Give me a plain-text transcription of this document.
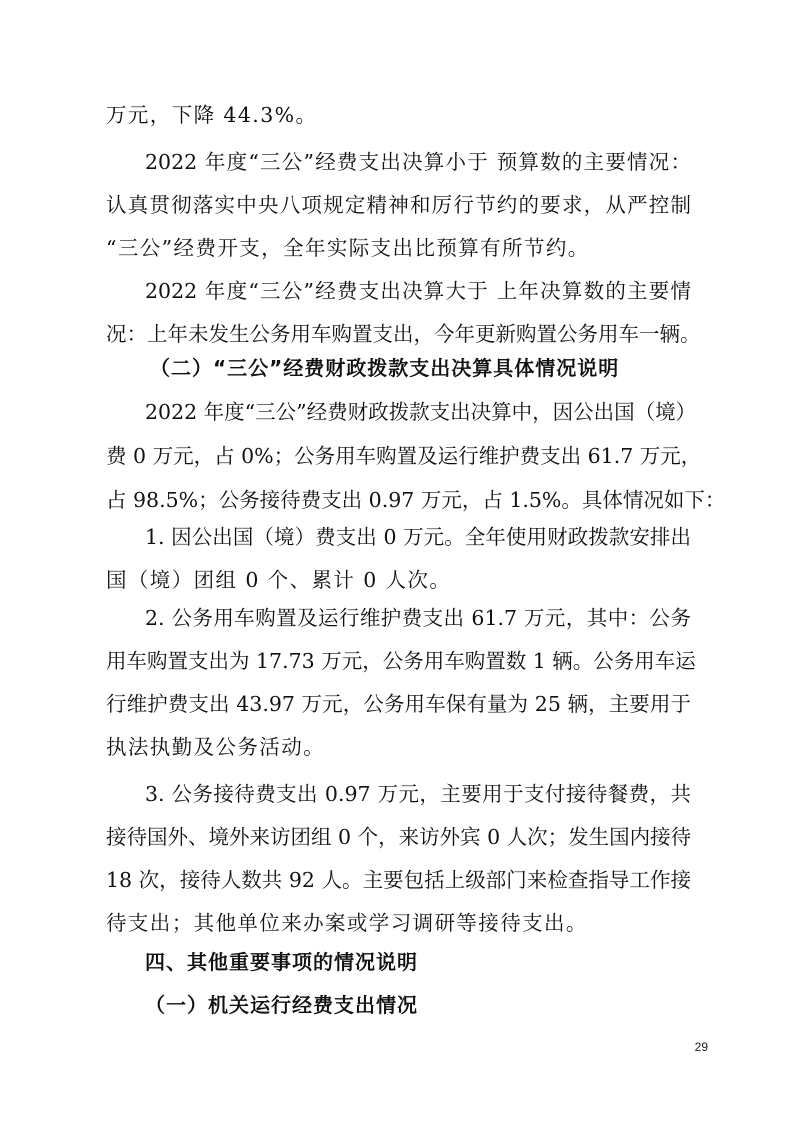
万元，下降 44.3%。
2022 年度“三公”经费支出决算小于 预算数的主要情况：
认真贯彻落实中央八项规定精神和厉行节约的要求，从严控制
“三公”经费开支，全年实际支出比预算有所节约。
2022 年度“三公”经费支出决算大于 上年决算数的主要情
况：上年未发生公务用车购置支出，今年更新购置公务用车一辆。
（二）“三公”经费财政拨款支出决算具体情况说明
2022 年度“三公”经费财政拨款支出决算中，因公出国（境）
费 0 万元，占 0%；公务用车购置及运行维护费支出 61.7 万元，
占 98.5%；公务接待费支出 0.97 万元，占 1.5%。具体情况如下：
1. 因公出国（境）费支出 0 万元。全年使用财政拨款安排出
国（境）团组 0 个、累计 0 人次。
2. 公务用车购置及运行维护费支出 61.7 万元，其中：公务
用车购置支出为 17.73 万元，公务用车购置数 1 辆。公务用车运
行维护费支出 43.97 万元，公务用车保有量为 25 辆，主要用于
执法执勤及公务活动。
3. 公务接待费支出 0.97 万元，主要用于支付接待餐费，共
接待国外、境外来访团组 0 个，来访外宾 0 人次；发生国内接待
18 次，接待人数共 92 人。主要包括上级部门来检查指导工作接
待支出；其他单位来办案或学习调研等接待支出。
四、其他重要事项的情况说明
（一）机关运行经费支出情况
29
